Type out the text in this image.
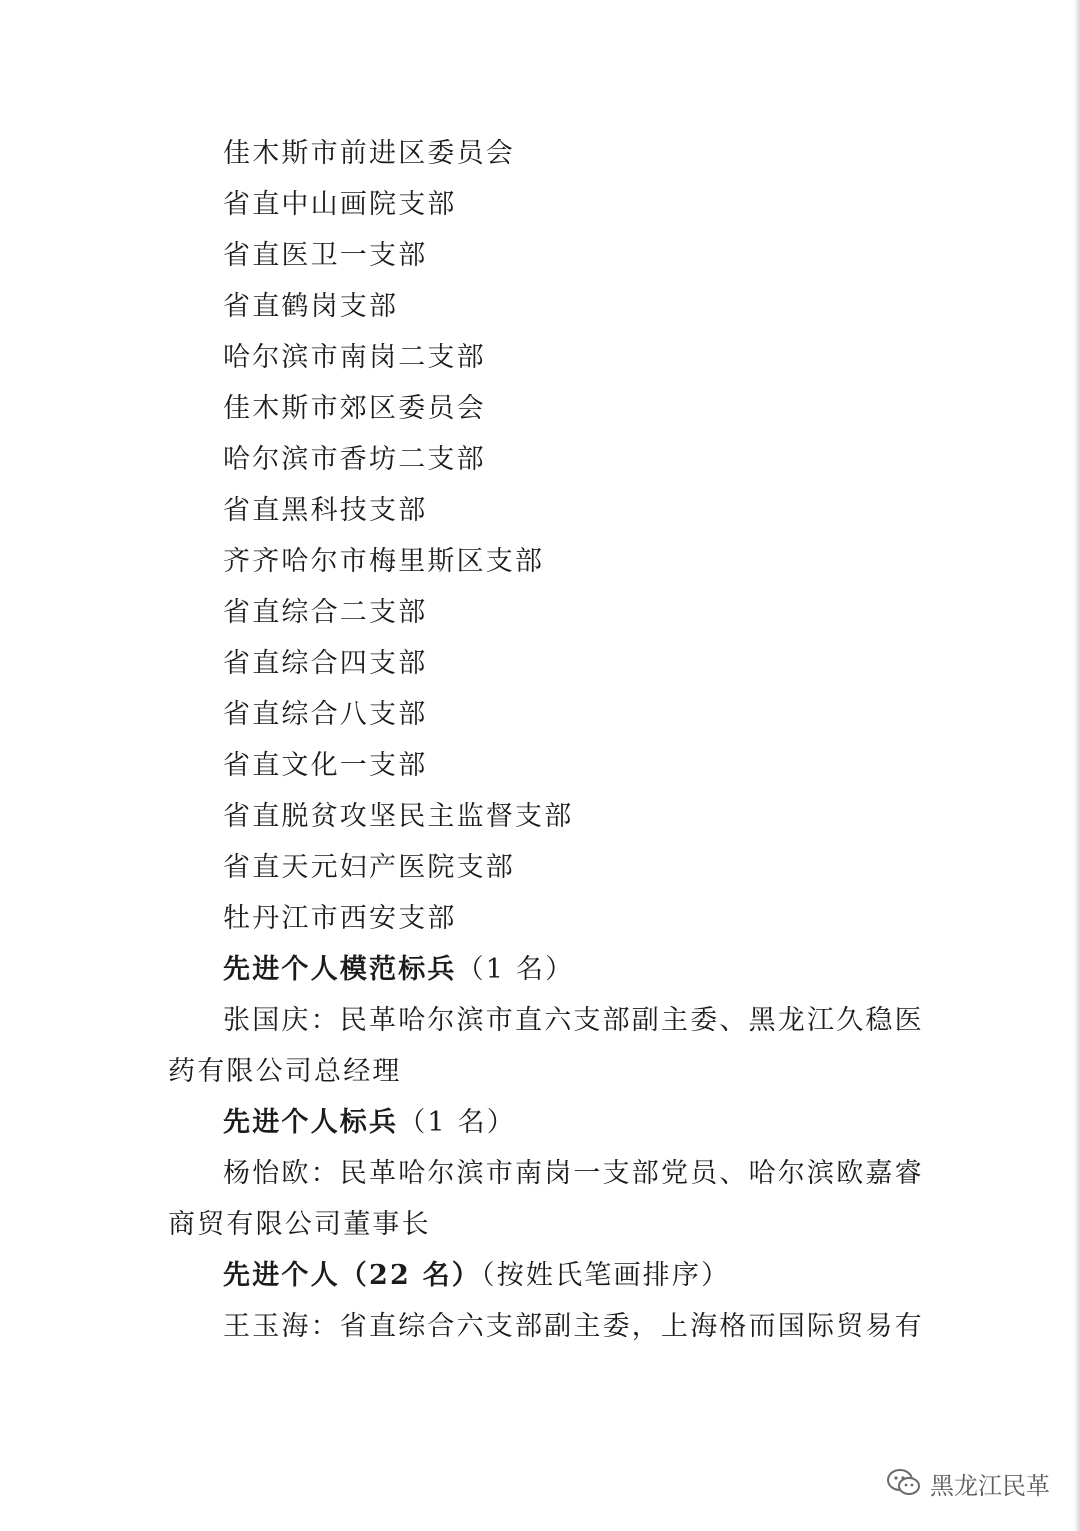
佳木斯市前进区委员会
省直中山画院支部
省直医卫一支部
省直鹤岗支部
哈尔滨市南岗二支部
佳木斯市郊区委员会
哈尔滨市香坊二支部
省直黑科技支部
齐齐哈尔市梅里斯区支部
省直综合二支部
省直综合四支部
省直综合八支部
省直文化一支部
省直脱贫攻坚民主监督支部
省直天元妇产医院支部
牡丹江市西安支部
先进个人模范标兵（1 名）
张国庆：民革哈尔滨市直六支部副主委、黑龙江久稳医
药有限公司总经理
先进个人标兵（1 名）
杨怡欧：民革哈尔滨市南岗一支部党员、哈尔滨欧嘉睿
商贸有限公司董事长
先进个人（22 名）（按姓氏笔画排序）
王玉海：省直综合六支部副主委，上海格而国际贸易有
黑龙江民革
